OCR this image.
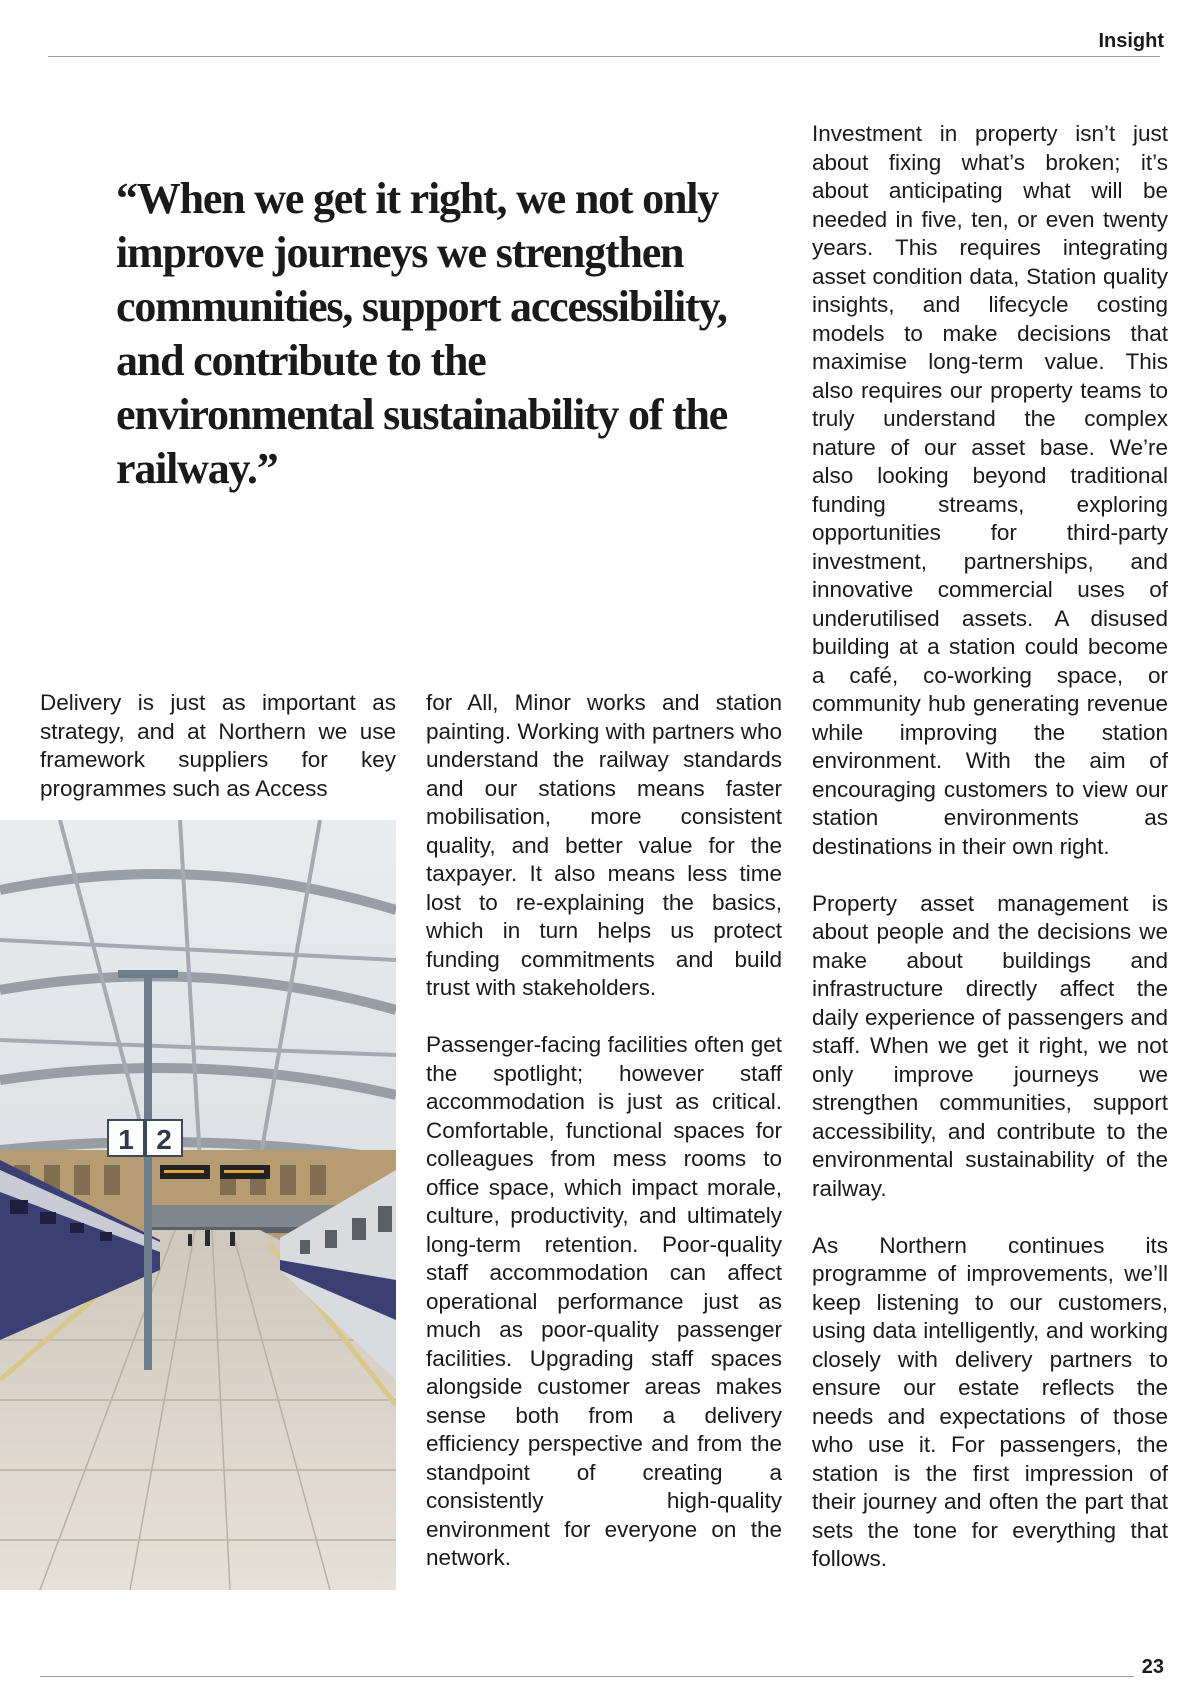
Insight
“When we get it right, we not only improve journeys we strengthen communities, support accessibility, and contribute to the environmental sustainability of the railway.”

Delivery is just as important as strategy, and at Northern we use framework suppliers for key programmes such as Access

1 2

for All, Minor works and station painting. Working with partners who understand the railway standards and our stations means faster mobilisation, more consistent quality, and better value for the taxpayer. It also means less time lost to re-explaining the basics, which in turn helps us protect funding commitments and build trust with stakeholders.

Passenger-facing facilities often get the spotlight; however staff accommodation is just as critical. Comfortable, functional spaces for colleagues from mess rooms to office space, which impact morale, culture, productivity, and ultimately long-term retention. Poor-quality staff accommodation can affect operational performance just as much as poor-quality passenger facilities. Upgrading staff spaces alongside customer areas makes sense both from a delivery efficiency perspective and from the standpoint of creating a consistently high-quality environment for everyone on the network.

Investment in property isn’t just about fixing what’s broken; it’s about anticipating what will be needed in five, ten, or even twenty years. This requires integrating asset condition data, Station quality insights, and lifecycle costing models to make decisions that maximise long-term value. This also requires our property teams to truly understand the complex nature of our asset base. We’re also looking beyond traditional funding streams, exploring opportunities for third-party investment, partnerships, and innovative commercial uses of underutilised assets. A disused building at a station could become a café, co-working space, or community hub generating revenue while improving the station environment. With the aim of encouraging customers to view our station environments as destinations in their own right.

Property asset management is about people and the decisions we make about buildings and infrastructure directly affect the daily experience of passengers and staff. When we get it right, we not only improve journeys we strengthen communities, support accessibility, and contribute to the environmental sustainability of the railway.

As Northern continues its programme of improvements, we’ll keep listening to our customers, using data intelligently, and working closely with delivery partners to ensure our estate reflects the needs and expectations of those who use it. For passengers, the station is the first impression of their journey and often the part that sets the tone for everything that follows.

23
